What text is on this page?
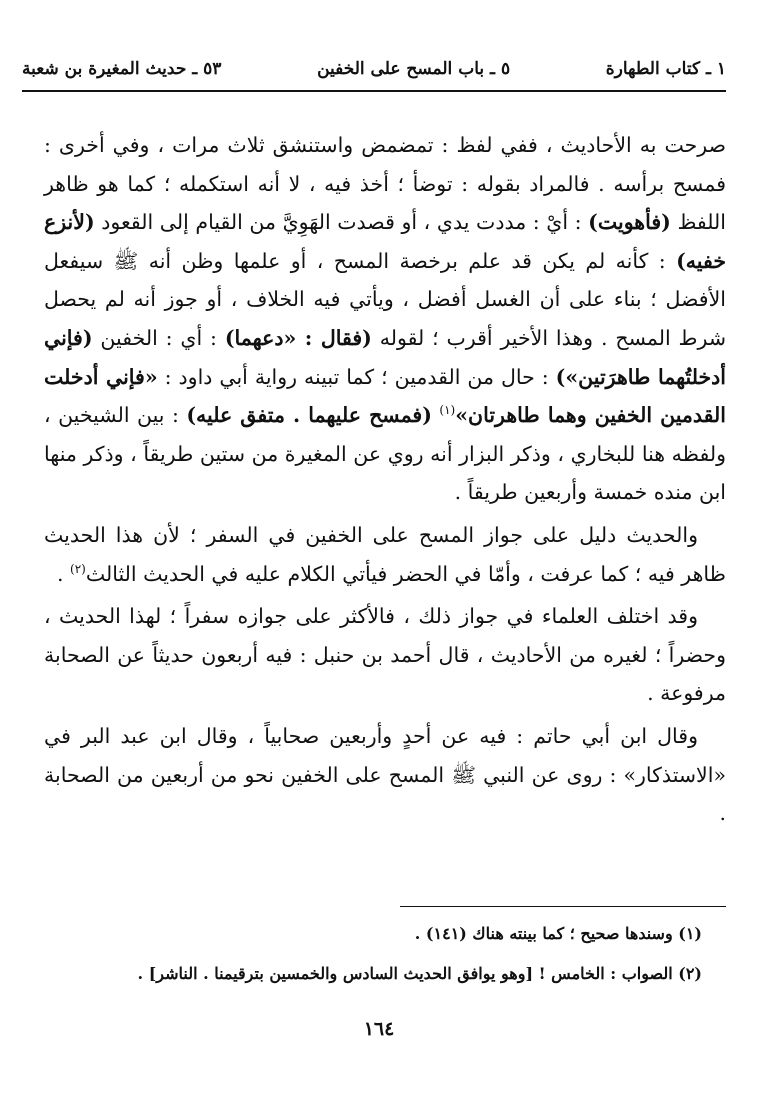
١ ـ كتاب الطهارة
٥ ـ باب المسح على الخفين
٥٣ ـ حديث المغيرة بن شعبة

صرحت به الأحاديث ، ففي لفظ : تمضمض واستنشق ثلاث مرات ، وفي أخرى : فمسح برأسه . فالمراد بقوله : توضأ ؛ أخذ فيه ، لا أنه استكمله ؛ كما هو ظاهر اللفظ (فأهويت) : أيْ : مددت يدي ، أو قصدت الهَوِيَّ من القيام إلى القعود (لأنزع خفيه) : كأنه لم يكن قد علم برخصة المسح ، أو علمها وظن أنه ﷺ سيفعل الأفضل ؛ بناء على أن الغسل أفضل ، ويأتي فيه الخلاف ، أو جوز أنه لم يحصل شرط المسح . وهذا الأخير أقرب ؛ لقوله (فقال : «دعهما) : أي : الخفين (فإني أدخلتُهما طاهرَتين») : حال من القدمين ؛ كما تبينه رواية أبي داود : «فإني أدخلت القدمين الخفين وهما طاهرتان»$^{(١)}$ (فمسح عليهما . متفق عليه) : بين الشيخين ، ولفظه هنا للبخاري ، وذكر البزار أنه روي عن المغيرة من ستين طريقاً ، وذكر منها ابن منده خمسة وأربعين طريقاً .

والحديث دليل على جواز المسح على الخفين في السفر ؛ لأن هذا الحديث ظاهر فيه ؛ كما عرفت ، وأمّا في الحضر فيأتي الكلام عليه في الحديث الثالث$^{(٢)}$ .

وقد اختلف العلماء في جواز ذلك ، فالأكثر على جوازه سفراً ؛ لهذا الحديث ، وحضراً ؛ لغيره من الأحاديث ، قال أحمد بن حنبل : فيه أربعون حديثاً عن الصحابة مرفوعة .

وقال ابن أبي حاتم : فيه عن أحدٍ وأربعين صحابياً ، وقال ابن عبد البر في «الاستذكار» : روى عن النبي ﷺ المسح على الخفين نحو من أربعين من الصحابة .

(١) وسندها صحيح ؛ كما بينته هناك (١٤١) .
(٢) الصواب : الخامس ! [وهو يوافق الحديث السادس والخمسين بترقيمنا . الناشر] .
١٦٤
